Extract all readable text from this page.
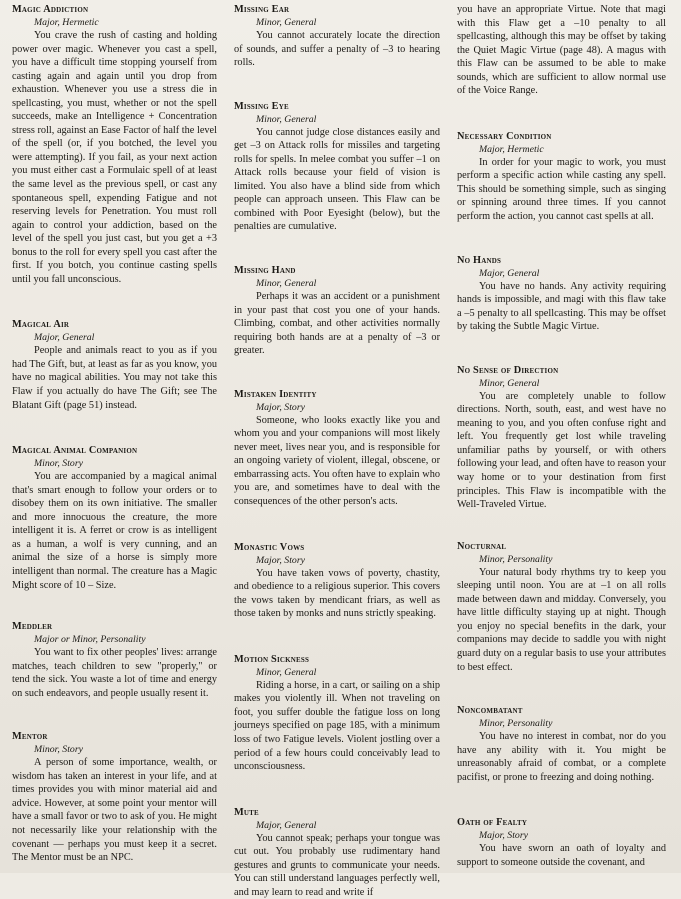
Magic Addiction
Major, Hermetic

You crave the rush of casting and holding power over magic. Whenever you cast a spell, you have a difficult time stopping yourself from casting again and again until you drop from exhaustion. Whenever you use a stress die in spellcasting, you must, whether or not the spell succeeds, make an Intelligence + Concentration stress roll, against an Ease Factor of half the level of the spell (or, if you botched, the level you were attempting). If you fail, as your next action you must either cast a Formulaic spell of at least the same level as the previous spell, or cast any spontaneous spell, expending Fatigue and not reserving levels for Penetration. You must roll again to control your addiction, based on the level of the spell you just cast, but you get a +3 bonus to the roll for every spell you cast after the first. If you botch, you continue casting spells until you fall unconscious.

Magical Air
Major, General

People and animals react to you as if you had The Gift, but, at least as far as you know, you have no magical abilities. You may not take this Flaw if you actually do have The Gift; see The Blatant Gift (page 51) instead.

Magical Animal Companion
Minor, Story

You are accompanied by a magical animal that's smart enough to follow your orders or to disobey them on its own initiative. The smaller and more innocuous the creature, the more intelligent it is. A ferret or crow is as intelligent as a human, a wolf is very cunning, and an animal the size of a horse is simply more intelligent than normal. The creature has a Magic Might score of 10 – Size.

Meddler
Major or Minor, Personality

You want to fix other peoples' lives: arrange matches, teach children to sew "properly," or tend the sick. You waste a lot of time and energy on such endeavors, and people usually resent it.

Mentor
Minor, Story

A person of some importance, wealth, or wisdom has taken an interest in your life, and at times provides you with minor material aid and advice. However, at some point your mentor will have a small favor or two to ask of you. He might not necessarily like your relationship with the covenant — perhaps you must keep it a secret. The Mentor must be an NPC.

Missing Ear
Minor, General

You cannot accurately locate the direction of sounds, and suffer a penalty of –3 to hearing rolls.

Missing Eye
Minor, General

You cannot judge close distances easily and get –3 on Attack rolls for missiles and targeting rolls for spells. In melee combat you suffer –1 on Attack rolls because your field of vision is limited. You also have a blind side from which people can approach unseen. This Flaw can be combined with Poor Eyesight (below), but the penalties are cumulative.

Missing Hand
Minor, General

Perhaps it was an accident or a punishment in your past that cost you one of your hands. Climbing, combat, and other activities normally requiring both hands are at a penalty of –3 or greater.

Mistaken Identity
Major, Story

Someone, who looks exactly like you and whom you and your companions will most likely never meet, lives near you, and is responsible for an ongoing variety of violent, illegal, obscene, or embarrassing acts. You often have to explain who you are, and sometimes have to deal with the consequences of the other person's acts.

Monastic Vows
Major, Story

You have taken vows of poverty, chastity, and obedience to a religious superior. This covers the vows taken by mendicant friars, as well as those taken by monks and nuns strictly speaking.

Motion Sickness
Minor, General

Riding a horse, in a cart, or sailing on a ship makes you violently ill. When not traveling on foot, you suffer double the fatigue loss on long journeys specified on page 185, with a minimum loss of two Fatigue levels. Violent jostling over a period of a few hours could conceivably lead to unconsciousness.

Mute
Major, General

You cannot speak; perhaps your tongue was cut out. You probably use rudimentary hand gestures and grunts to communicate your needs. You can still understand languages perfectly well, and may learn to read and write if

you have an appropriate Virtue. Note that magi with this Flaw get a –10 penalty to all spellcasting, although this may be offset by taking the Quiet Magic Virtue (page 48). A magus with this Flaw can be assumed to be able to make sounds, which are sufficient to allow normal use of the Voice Range.

Necessary Condition
Major, Hermetic

In order for your magic to work, you must perform a specific action while casting any spell. This should be something simple, such as singing or spinning around three times. If you cannot perform the action, you cannot cast spells at all.

No Hands
Major, General

You have no hands. Any activity requiring hands is impossible, and magi with this flaw take a –5 penalty to all spellcasting. This may be offset by taking the Subtle Magic Virtue.

No Sense of Direction
Minor, General

You are completely unable to follow directions. North, south, east, and west have no meaning to you, and you often confuse right and left. You frequently get lost while traveling unfamiliar paths by yourself, or with others following your lead, and often have to reason your way home or to your destination from first principles. This Flaw is incompatible with the Well-Traveled Virtue.

Nocturnal
Minor, Personality

Your natural body rhythms try to keep you sleeping until noon. You are at –1 on all rolls made between dawn and midday. Conversely, you have little difficulty staying up at night. Though you enjoy no special benefits in the dark, your companions may decide to saddle you with night guard duty on a regular basis to use your attributes to best effect.

Noncombatant
Minor, Personality

You have no interest in combat, nor do you have any ability with it. You might be unreasonably afraid of combat, or a complete pacifist, or prone to freezing and doing nothing.

Oath of Fealty
Major, Story

You have sworn an oath of loyalty and support to someone outside the covenant, and
